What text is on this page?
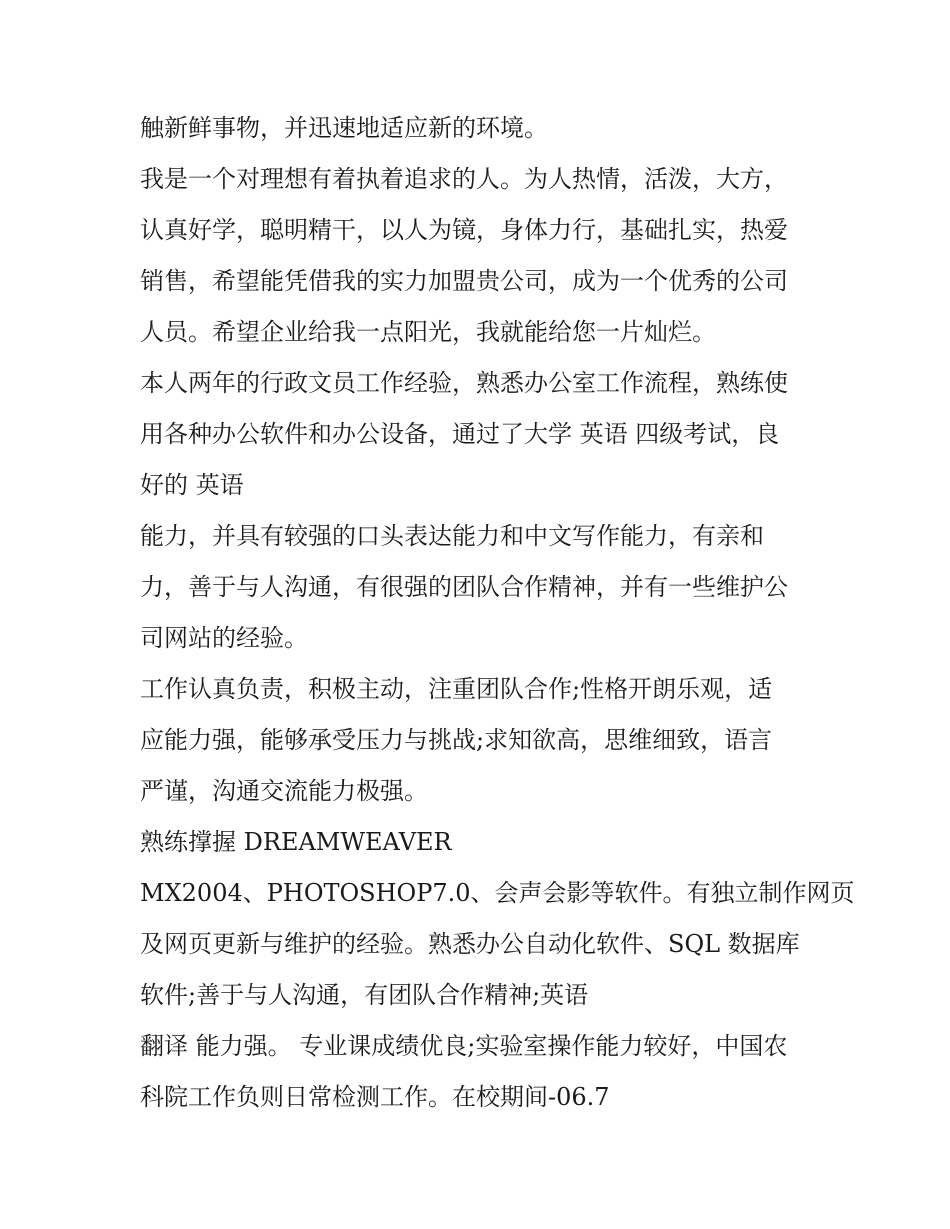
触新鲜事物，并迅速地适应新的环境。
我是一个对理想有着执着追求的人。为人热情，活泼，大方，
认真好学，聪明精干，以人为镜，身体力行，基础扎实，热爱
销售，希望能凭借我的实力加盟贵公司，成为一个优秀的公司
人员。希望企业给我一点阳光，我就能给您一片灿烂。
本人两年的行政文员工作经验，熟悉办公室工作流程，熟练使
用各种办公软件和办公设备，通过了大学 英语 四级考试，良
好的 英语
能力，并具有较强的口头表达能力和中文写作能力，有亲和
力，善于与人沟通，有很强的团队合作精神，并有一些维护公
司网站的经验。
工作认真负责，积极主动，注重团队合作;性格开朗乐观，适
应能力强，能够承受压力与挑战;求知欲高，思维细致，语言
严谨，沟通交流能力极强。
熟练撑握 DREAMWEAVER
MX2004、PHOTOSHOP7.0、会声会影等软件。有独立制作网页
及网页更新与维护的经验。熟悉办公自动化软件、SQL 数据库
软件;善于与人沟通，有团队合作精神;英语
翻译 能力强。 专业课成绩优良;实验室操作能力较好，中国农
科院工作负则日常检测工作。在校期间-06.7
